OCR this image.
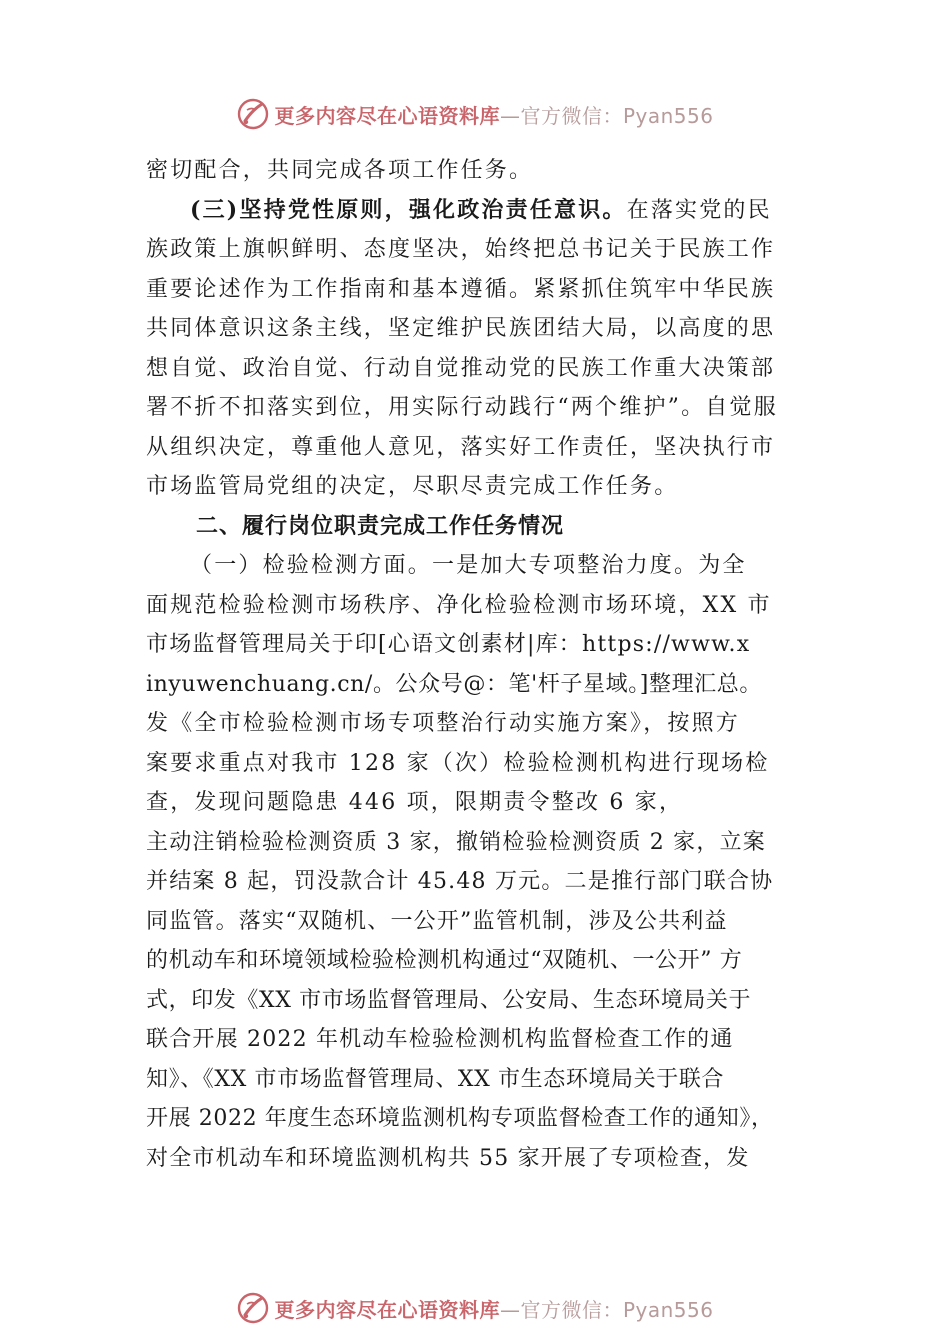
更多内容尽在心语资料库 —官方微信：Pyan556
密切配合，共同完成各项工作任务。
(三)坚持党性原则，强化政治责任意识。在落实党的民
族政策上旗帜鲜明、态度坚决，始终把总书记关于民族工作
重要论述作为工作指南和基本遵循。紧紧抓住筑牢中华民族
共同体意识这条主线，坚定维护民族团结大局，以高度的思
想自觉、政治自觉、行动自觉推动党的民族工作重大决策部
署不折不扣落实到位，用实际行动践行“两个维护”。自觉服
从组织决定，尊重他人意见，落实好工作责任，坚决执行市
市场监管局党组的决定，尽职尽责完成工作任务。
二、履行岗位职责完成工作任务情况
（一）检验检测方面。一是加大专项整治力度。为全
面规范检验检测市场秩序、净化检验检测市场环境，XX 市
市场监督管理局关于印[心语文创素材|库：https://www.x
inyuwenchuang.cn/。公众号@：笔'杆子星域。]整理汇总。
发《全市检验检测市场专项整治行动实施方案》，按照方
案要求重点对我市 128 家（次）检验检测机构进行现场检
查，发现问题隐患 446 项，限期责令整改 6 家，
主动注销检验检测资质 3 家，撤销检验检测资质 2 家，立案
并结案 8 起，罚没款合计 45.48 万元。二是推行部门联合协
同监管。落实“双随机、一公开”监管机制，涉及公共利益
的机动车和环境领域检验检测机构通过“双随机、一公开” 方
式，印发《XX 市市场监督管理局、公安局、生态环境局关于
联合开展 2022 年机动车检验检测机构监督检查工作的通
知》、《XX 市市场监督管理局、XX 市生态环境局关于联合
开展 2022 年度生态环境监测机构专项监督检查工作的通知》，
对全市机动车和环境监测机构共 55 家开展了专项检查，发
更多内容尽在心语资料库 —官方微信：Pyan556
